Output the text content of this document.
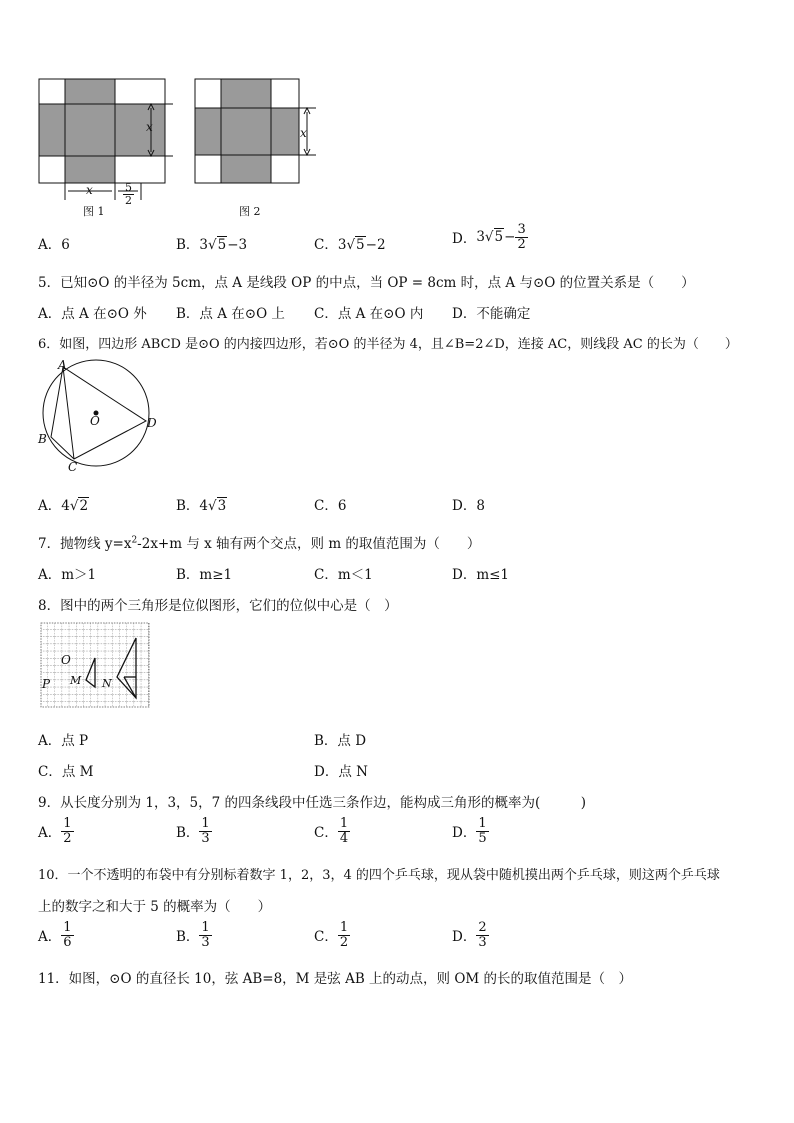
x
x	$\frac{5}{2}$
图 1
x
图 2
A．6	B．3√5−3	C．3√5−2	D．$3√5- \frac{3}{2}$
5．已知⊙O 的半径为 5cm，点 A 是线段 OP 的中点，当 OP = 8cm 时，点 A 与⊙O 的位置关系是（　　）
A．点 A 在⊙O 外 B．点 A 在⊙O 上 C．点 A 在⊙O 内 D．不能确定
6．如图，四边形 ABCD 是⊙O 的内接四边形，若⊙O 的半径为 4，且∠B=2∠D，连接 AC，则线段 AC 的长为（　　）
A
B
C
D
O
A．4√2	B．4√3	C．6	D．8
7．抛物线 $y=x^2-2x+m$ 与 x 轴有两个交点，则 m 的取值范围为（　　）
A．m＞1	B．m≥1	C．m＜1	D．m≤1
8．图中的两个三角形是位似图形，它们的位似中心是（　）
O
P M N
A．点 P	B．点 D
C．点 M	D．点 N
9．从长度分别为 1，3，5，7 的四条线段中任选三条作边，能构成三角形的概率为(　　　)
A． $\frac{1}{2}$	B． $\frac{1}{3}$	C． $\frac{1}{4}$	D． $\frac{1}{5}$
10．一个不透明的布袋中有分别标着数字 1，2，3，4 的四个乒乓球，现从袋中随机摸出两个乒乓球，则这两个乒乓球
上的数字之和大于 5 的概率为（　　）
A． $\frac{1}{6}$	B． $\frac{1}{3}$	C． $\frac{1}{2}$	D． $\frac{2}{3}$
11．如图，⊙O 的直径长 10，弦 AB=8，M 是弦 AB 上的动点，则 OM 的长的取值范围是（　）
